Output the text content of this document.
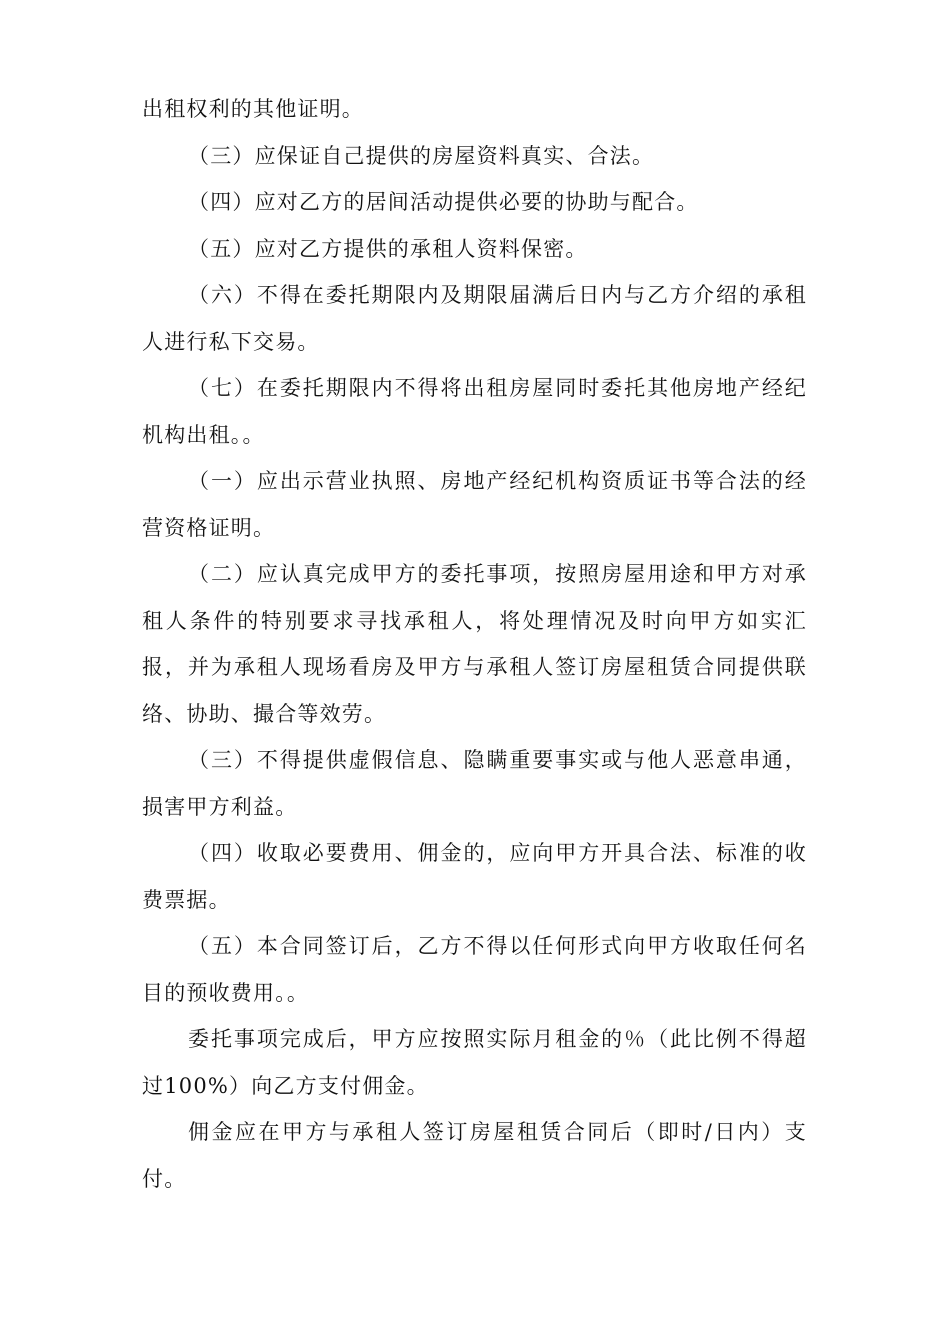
出租权利的其他证明。

（三）应保证自己提供的房屋资料真实、合法。

（四）应对乙方的居间活动提供必要的协助与配合。

（五）应对乙方提供的承租人资料保密。

（六）不得在委托期限内及期限届满后日内与乙方介绍的承租人进行私下交易。

（七）在委托期限内不得将出租房屋同时委托其他房地产经纪机构出租。。

（一）应出示营业执照、房地产经纪机构资质证书等合法的经营资格证明。

（二）应认真完成甲方的委托事项，按照房屋用途和甲方对承租人条件的特别要求寻找承租人，将处理情况及时向甲方如实汇报，并为承租人现场看房及甲方与承租人签订房屋租赁合同提供联络、协助、撮合等效劳。

（三）不得提供虚假信息、隐瞒重要事实或与他人恶意串通，损害甲方利益。

（四）收取必要费用、佣金的，应向甲方开具合法、标准的收费票据。

（五）本合同签订后，乙方不得以任何形式向甲方收取任何名目的预收费用。。

委托事项完成后，甲方应按照实际月租金的％（此比例不得超过100%）向乙方支付佣金。

佣金应在甲方与承租人签订房屋租赁合同后（即时/日内）支付。
